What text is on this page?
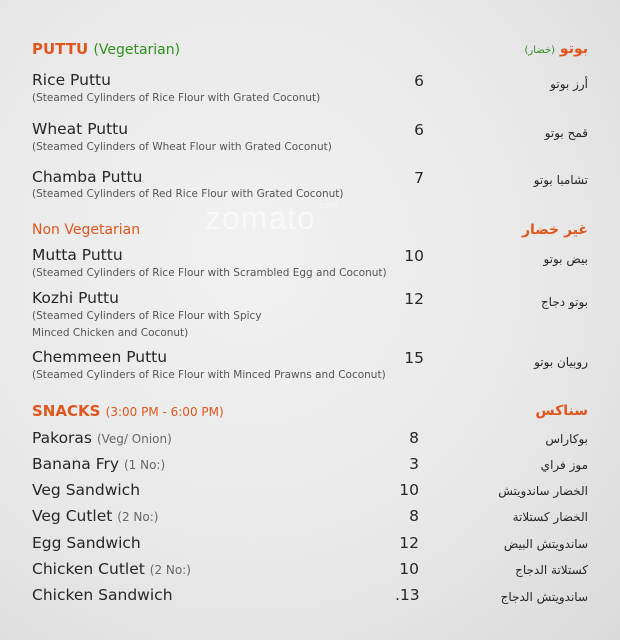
zomato$^{.com}$
PUTTU (Vegetarian)	بوتو (خضار)
Rice Puttu
(Steamed Cylinders of Rice Flour with Grated Coconut)
6	أرز بوتو
Wheat Puttu
(Steamed Cylinders of Wheat Flour with Grated Coconut)
6	قمح بوتو
Chamba Puttu
(Steamed Cylinders of Red Rice Flour with Grated Coconut)
7	تشامبا بوتو
Non Vegetarian	غير خضار
Mutta Puttu
(Steamed Cylinders of Rice Flour with Scrambled Egg and Coconut)
10	بيض بوتو
Kozhi Puttu
(Steamed Cylinders of Rice Flour with Spicy
Minced Chicken and Coconut)
12	بوتو دجاج
Chemmeen Puttu
(Steamed Cylinders of Rice Flour with Minced Prawns and Coconut)
15	روبيان بوتو
SNACKS (3:00 PM - 6:00 PM)	سناكس
Pakoras (Veg/ Onion)	8	بوكاراس
Banana Fry (1 No:)	3	موز فراي
Veg Sandwich	10	الخضار ساندويتش
Veg Cutlet (2 No:)	8	الخضار كستلاتة
Egg Sandwich	12	ساندويتش البيض
Chicken Cutlet (2 No:)	10	كستلاتة الدجاج
Chicken Sandwich	.13	ساندويتش الدجاج
